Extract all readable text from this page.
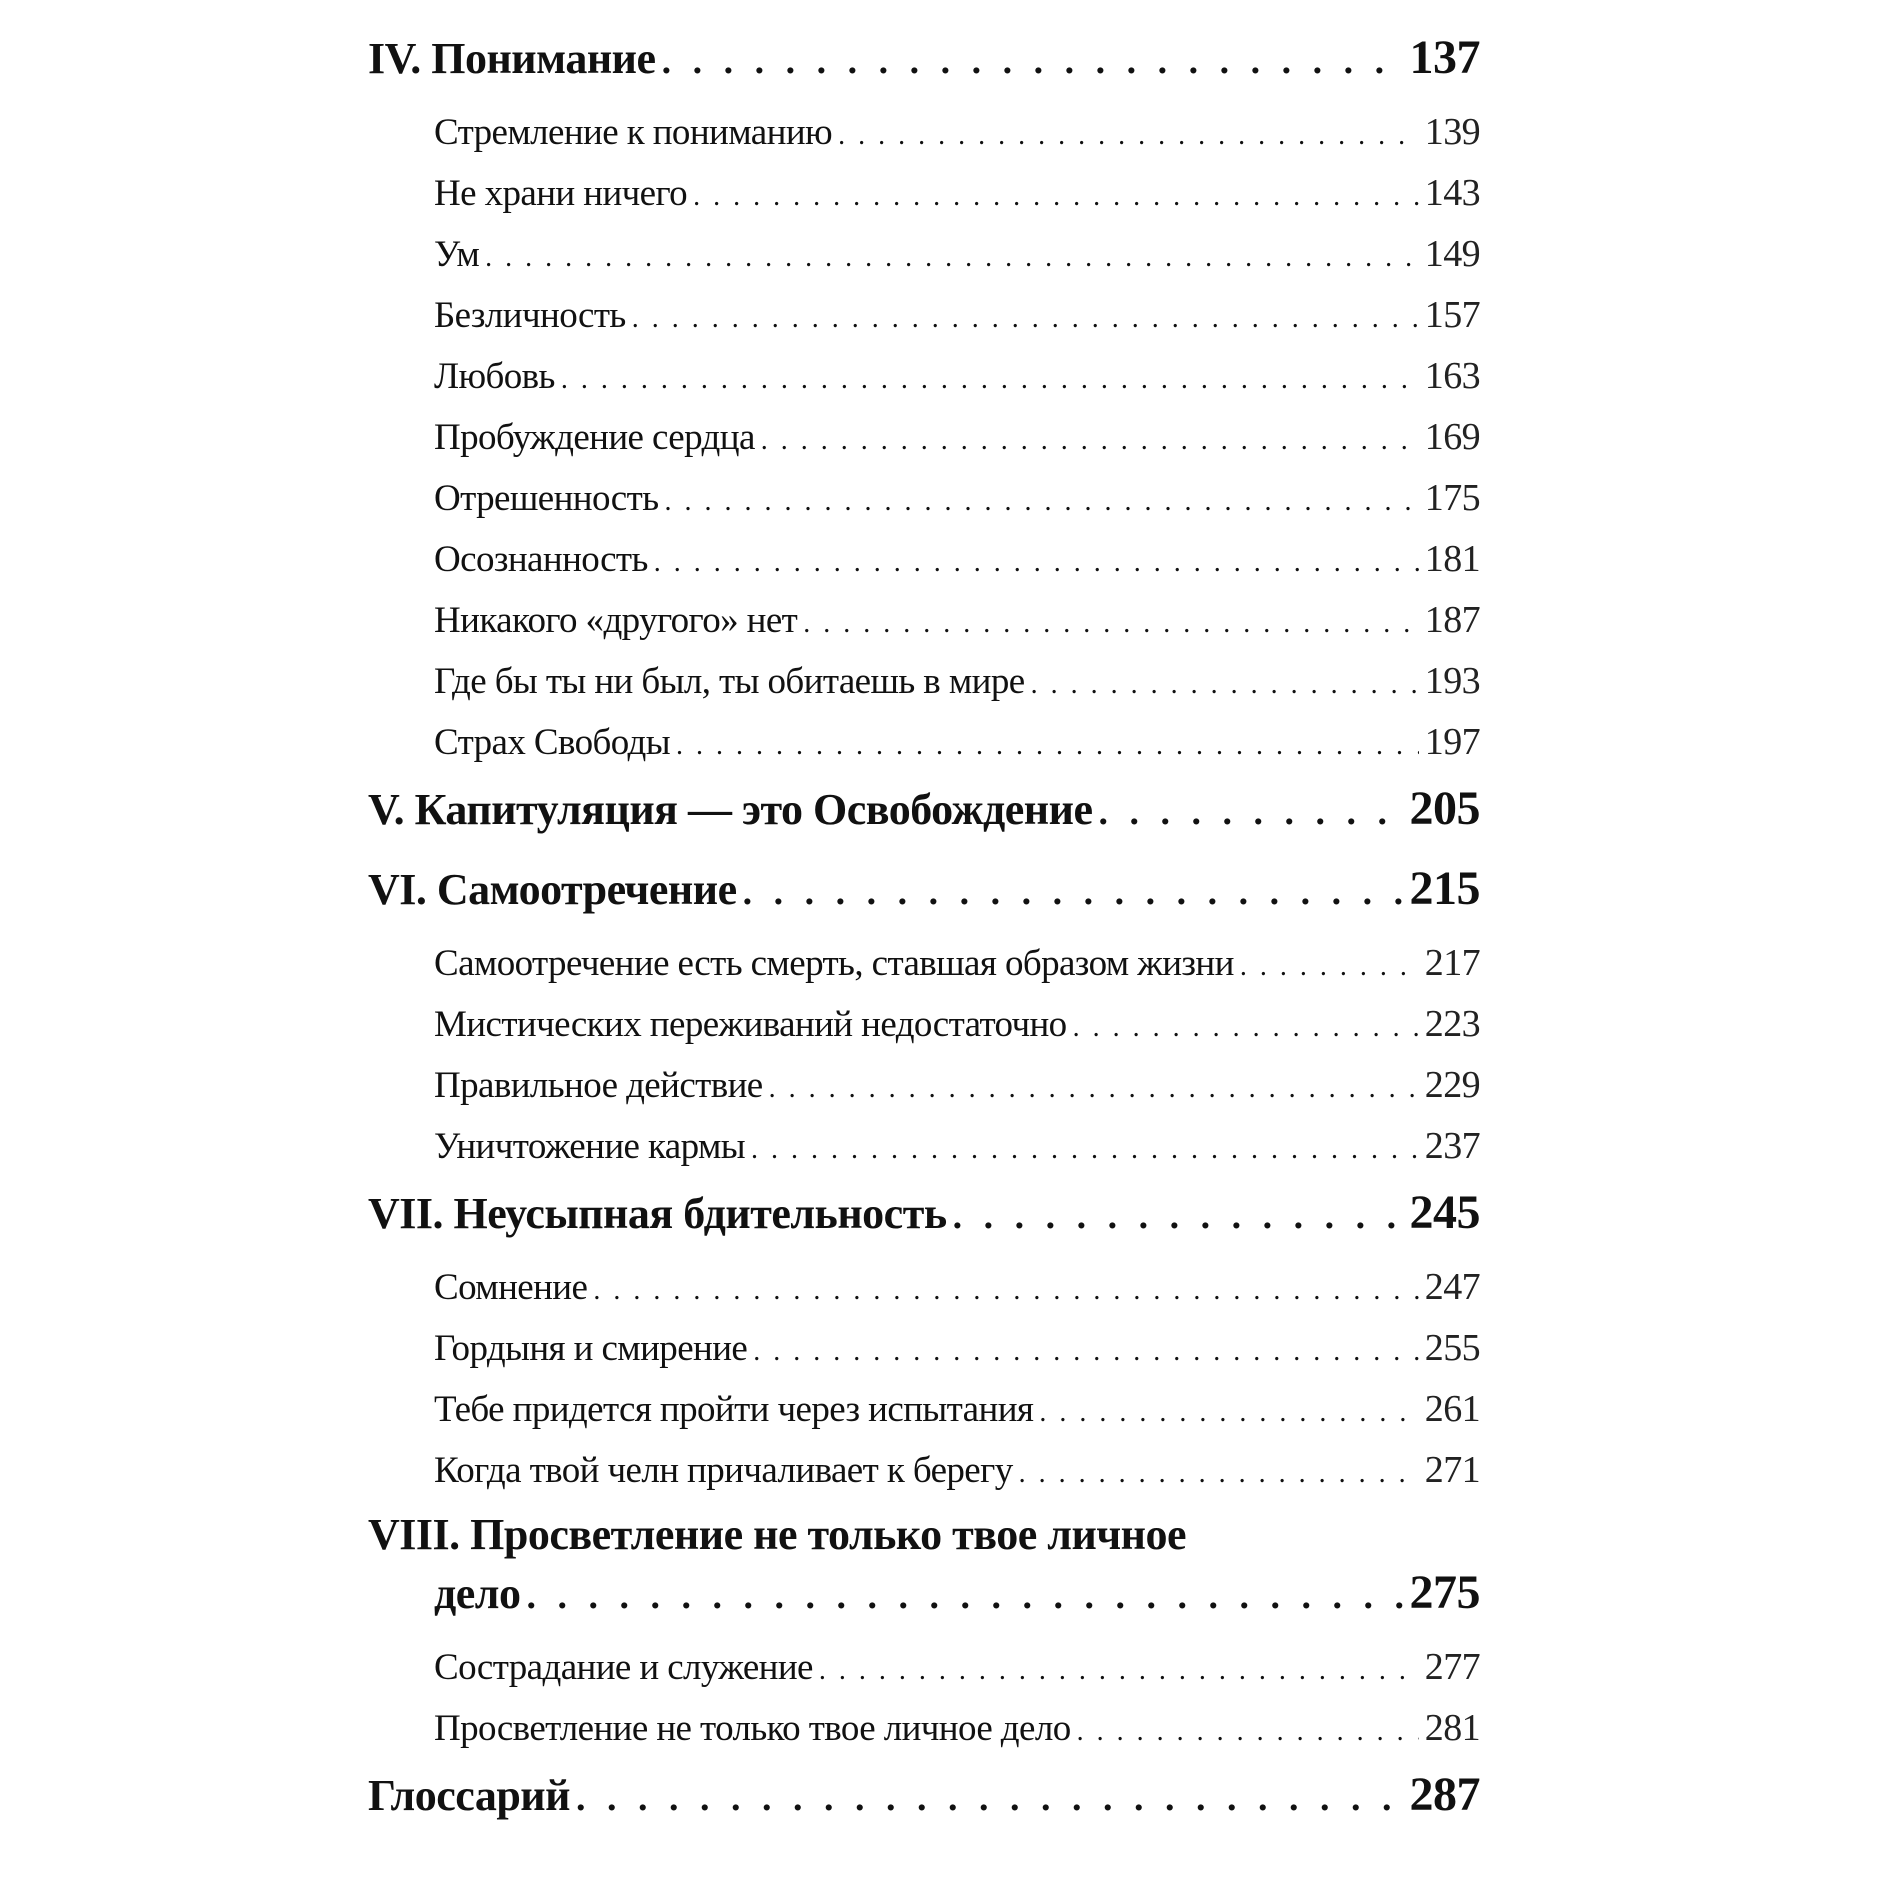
IV. Понимание . . .	137
Стремление к пониманию . . .	139
Не храни ничего . . .	143
Ум . . .	149
Безличность . . .	157
Любовь . . .	163
Пробуждение сердца . . .	169
Отрешенность . . .	175
Осознанность . . .	181
Никакого «другого» нет . . .	187
Где бы ты ни был, ты обитаешь в мире . . .	193
Страх Свободы . . .	197
V. Капитуляция — это Освобождение . . .	205
VI. Самоотречение . . .	215
Самоотречение есть смерть, ставшая образом жизни . . .	217
Мистических переживаний недостаточно . . .	223
Правильное действие . . .	229
Уничтожение кармы . . .	237
VII. Неусыпная бдительность . . .	245
Сомнение . . .	247
Гордыня и смирение . . .	255
Тебе придется пройти через испытания . . .	261
Когда твой челн причаливает к берегу . . .	271
VIII. Просветление не только твое личное
дело . . .	275
Сострадание и служение . . .	277
Просветление не только твое личное дело . . .	281
Глоссарий . . .	287
